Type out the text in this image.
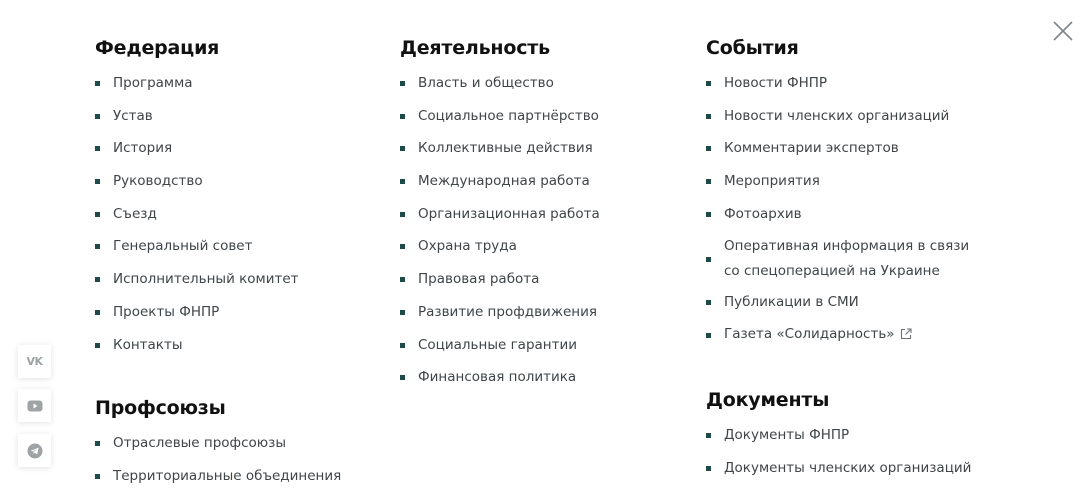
Федерация
Программа
Устав
История
Руководство
Съезд
Генеральный совет
Исполнительный комитет
Проекты ФНПР
Контакты
Профсоюзы
Отраслевые профсоюзы
Территориальные объединения
Деятельность
Власть и общество
Социальное партнёрство
Коллективные действия
Международная работа
Организационная работа
Охрана труда
Правовая работа
Развитие профдвижения
Социальные гарантии
Финансовая политика
События
Новости ФНПР
Новости членских организаций
Комментарии экспертов
Мероприятия
Фотоархив
Оперативная информация в связи
со спецоперацией на Украине
Публикации в СМИ
Газета «Солидарность»
Документы
Документы ФНПР
Документы членских организаций
VK
